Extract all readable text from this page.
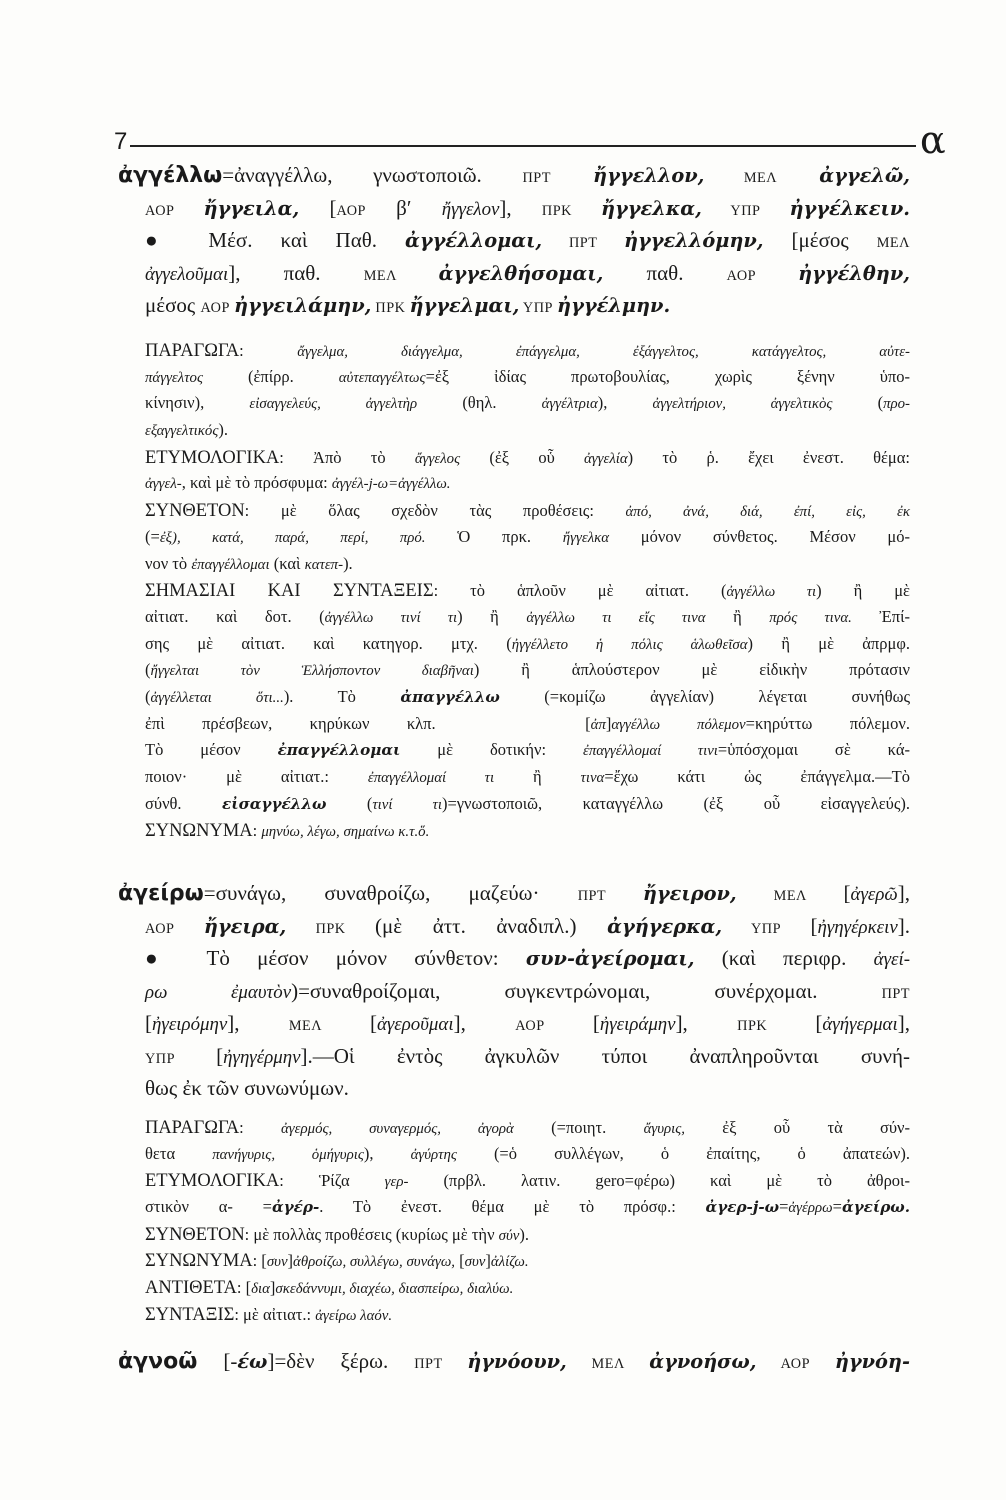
7	α
ἀγγέλλω=ἀναγγέλλω, γνωστοποιῶ. ΠΡΤ ἤγγελλον, ΜΕΛ ἀγγελῶ,
ΑΟΡ ἤγγειλα, [ΑΟΡ β′ ἤγγελον], ΠΡΚ ἤγγελκα, ΥΠΡ ἠγγέλκειν.
● Μέσ. καὶ Παθ. ἀγγέλλομαι, ΠΡΤ ἠγγελλόμην, [μέσος ΜΕΛ
ἀγγελοῦμαι], παθ. ΜΕΛ ἀγγελθήσομαι, παθ. ΑΟΡ ἠγγέλθην,
μέσος ΑΟΡ ἠγγειλάμην, ΠΡΚ ἤγγελμαι, ΥΠΡ ἠγγέλμην.
ΠΑΡΑΓΩΓΑ: ἄγγελμα, διάγγελμα, ἐπάγγελμα, ἐξάγγελτος, κατάγγελτος, αὐτε-
πάγγελτος (ἐπίρρ. αὐτεπαγγέλτως=ἐξ ἰδίας πρωτοβουλίας, χωρὶς ξένην ὑπο-
κίνησιν), εἰσαγγελεύς, ἀγγελτὴρ (θηλ. ἀγγέλτρια), ἀγγελτήριον, ἀγγελτικὸς (προ-
εξαγγελτικός).
ΕΤΥΜΟΛΟΓΙΚΑ: Ἀπὸ τὸ ἄγγελος (ἐξ οὗ ἀγγελία) τὸ ῥ. ἔχει ἐνεστ. θέμα:
ἀγγελ-, καὶ μὲ τὸ πρόσφυμα: ἀγγέλ-j-ω=ἀγγέλλω.
ΣΥΝΘΕΤΟΝ: μὲ ὅλας σχεδὸν τὰς προθέσεις: ἀπό, ἀνά, διά, ἐπί, εἰς, ἐκ
(=ἐξ), κατά, παρά, περί, πρό. Ὁ πρκ. ἤγγελκα μόνον σύνθετος. Μέσον μό-
νον τὸ ἐπαγγέλλομαι (καὶ κατεπ-).
ΣΗΜΑΣΙΑΙ ΚΑΙ ΣΥΝΤΑΞΕΙΣ: τὸ ἁπλοῦν μὲ αἰτιατ. (ἀγγέλλω τι) ἢ μὲ
αἰτιατ. καὶ δοτ. (ἀγγέλλω τινί τι) ἢ ἀγγέλλω τι εἴς τινα ἢ πρός τινα. Ἐπί-
σης μὲ αἰτιατ. καὶ κατηγορ. μτχ. (ἠγγέλλετο ἡ πόλις ἁλωθεῖσα) ἢ μὲ ἀπρμφ.
(ἤγγελται τὸν Ἑλλήσποντον διαβῆναι) ἢ ἁπλούστερον μὲ εἰδικὴν πρότασιν
(ἀγγέλλεται ὅτι...). Τὸ ἀπαγγέλλω (=κομίζω ἀγγελίαν) λέγεται συνήθως
ἐπὶ πρέσβεων, κηρύκων κλπ.    [ἀπ]αγγέλλω πόλεμον=κηρύττω πόλεμον.
Τὸ μέσον ἐπαγγέλλομαι μὲ δοτικήν: ἐπαγγέλλομαί τινι=ὑπόσχομαι σὲ κά-
ποιον· μὲ αἰτιατ.: ἐπαγγέλλομαί τι ἢ τινα=ἔχω κάτι ὡς ἐπάγγελμα.—Τὸ
σύνθ. εἰσαγγέλλω (τινί τι)=γνωστοποιῶ, καταγγέλλω (ἐξ οὗ εἰσαγγελεύς).
ΣΥΝΩΝΥΜΑ: μηνύω, λέγω, σημαίνω κ.τ.ὅ.
ἀγείρω=συνάγω, συναθροίζω, μαζεύω· ΠΡΤ ἤγειρον, ΜΕΛ [ἀγερῶ],
ΑΟΡ ἤγειρα, ΠΡΚ (μὲ ἀττ. ἀναδιπλ.) ἀγήγερκα, ΥΠΡ [ἠγηγέρκειν].
● Τὸ μέσον μόνον σύνθετον: συν-ἀγείρομαι, (καὶ περιφρ. ἀγεί-
ρω ἐμαυτὸν)=συναθροίζομαι, συγκεντρώνομαι, συνέρχομαι. ΠΡΤ
[ἠγειρόμην], ΜΕΛ [ἀγεροῦμαι], ΑΟΡ [ἠγειράμην], ΠΡΚ [ἀγήγερμαι],
ΥΠΡ [ἠγηγέρμην].—Οἱ ἐντὸς ἀγκυλῶν τύποι ἀναπληροῦνται συνή-
θως ἐκ τῶν συνωνύμων.
ΠΑΡΑΓΩΓΑ: ἀγερμός, συναγερμός, ἀγορὰ (=ποιητ. ἄγυρις, ἐξ οὗ τὰ σύν-
θετα πανήγυρις, ὁμήγυρις), ἀγύρτης (=ὁ συλλέγων, ὁ ἐπαίτης, ὁ ἀπατεών).
ΕΤΥΜΟΛΟΓΙΚΑ: Ῥίζα γερ- (πρβλ. λατιν. gero=φέρω) καὶ μὲ τὸ ἀθροι-
στικὸν α- =ἀγέρ-. Τὸ ἐνεστ. θέμα μὲ τὸ πρόσφ.: ἀγερ-j-ω=ἀγέρρω=ἀγείρω.
ΣΥΝΘΕΤΟΝ: μὲ πολλὰς προθέσεις (κυρίως μὲ τὴν σύν).
ΣΥΝΩΝΥΜΑ: [συν]ἀθροίζω, συλλέγω, συνάγω, [συν]ἀλίζω.
ΑΝΤΙΘΕΤΑ: [δια]σκεδάννυμι, διαχέω, διασπείρω, διαλύω.
ΣΥΝΤΑΞΙΣ: μὲ αἰτιατ.: ἀγείρω λαόν.
ἀγνοῶ [-έω]=δὲν ξέρω. ΠΡΤ ἠγνόουν, ΜΕΛ ἀγνοήσω, ΑΟΡ ἠγνόη-
